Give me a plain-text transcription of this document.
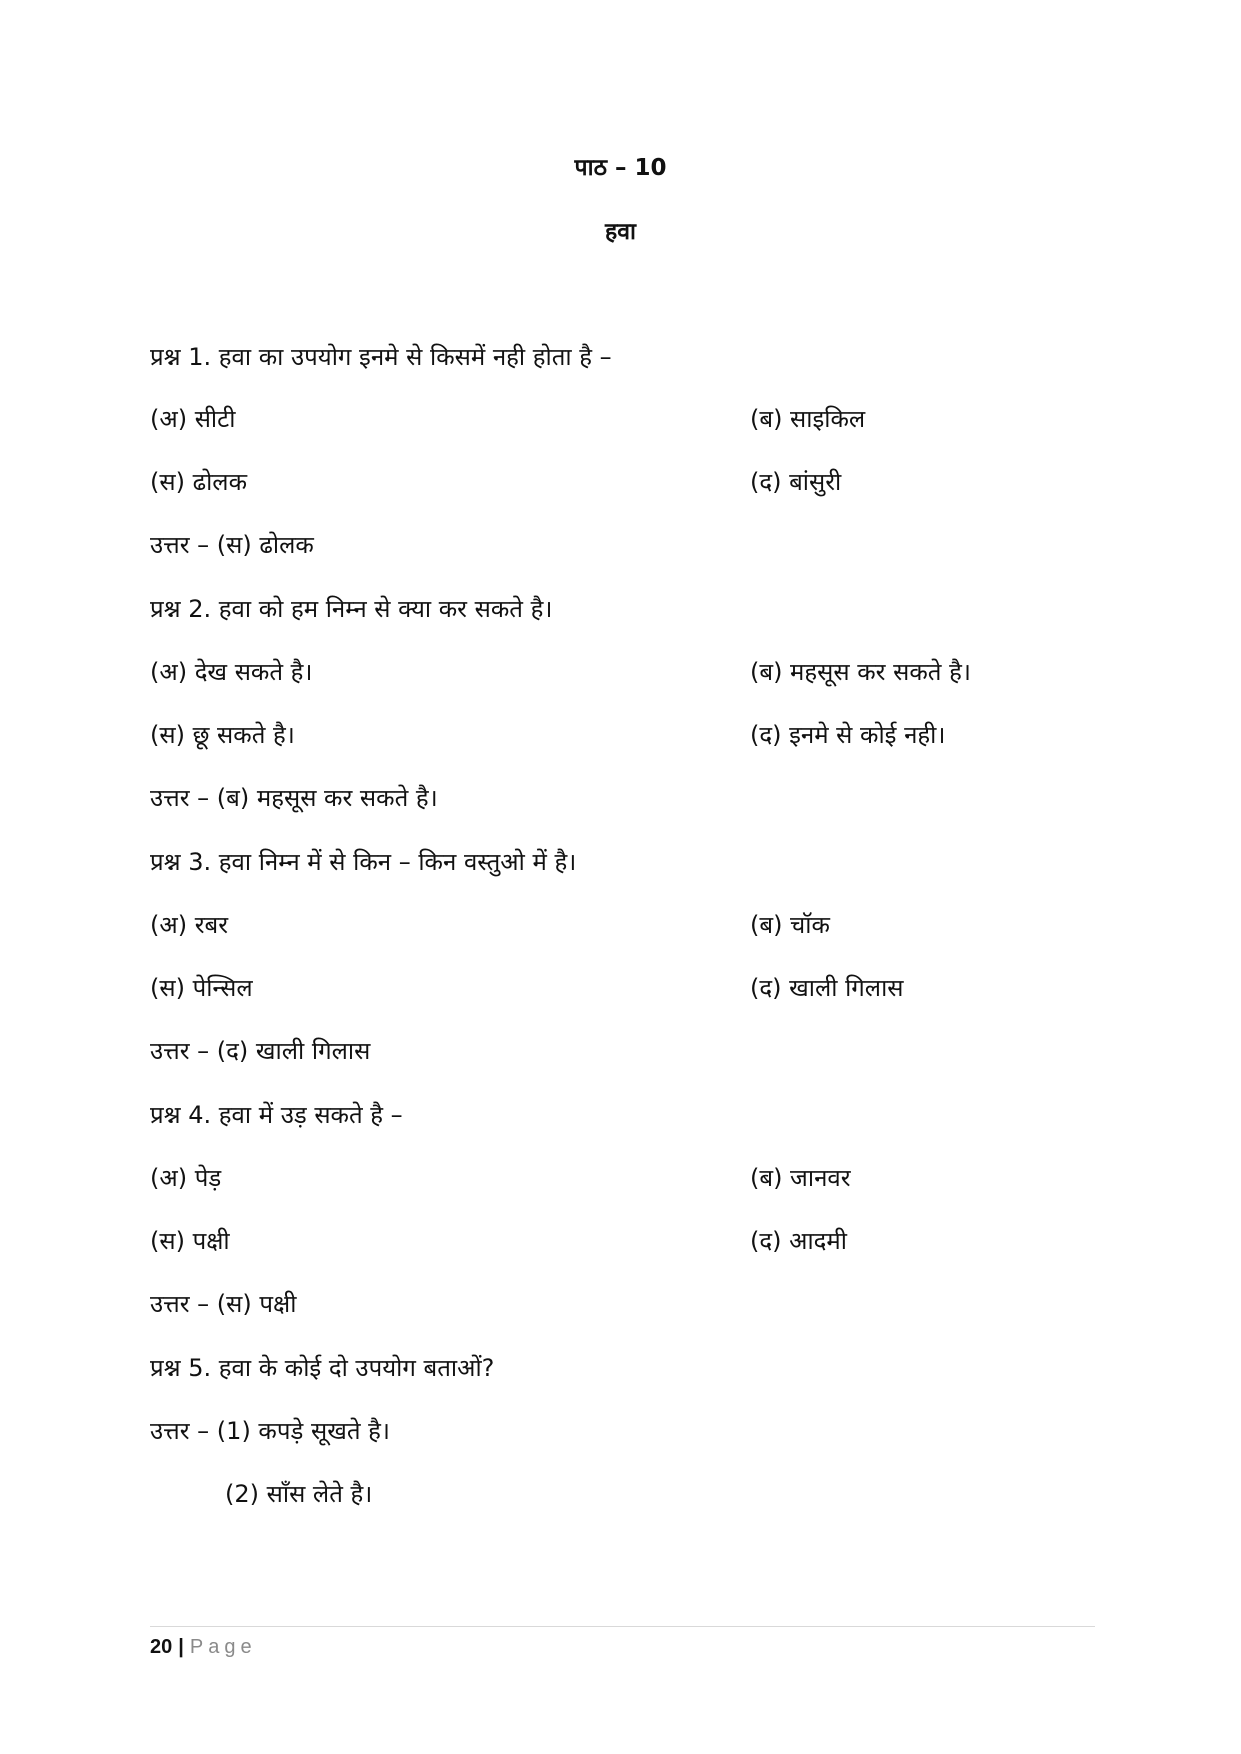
पाठ – 10
हवा
प्रश्न 1. हवा का उपयोग इनमे से किसमें नही होता है –
(अ) सीटी	(ब) साइकिल
(स) ढोलक	(द) बांसुरी
उत्तर – (स) ढोलक
प्रश्न 2. हवा को हम निम्न से क्या कर सकते है।
(अ) देख सकते है।	(ब) महसूस कर सकते है।
(स) छू सकते है।	(द) इनमे से कोई नही।
उत्तर – (ब) महसूस कर सकते है।
प्रश्न 3. हवा निम्न में से किन – किन वस्तुओ में है।
(अ) रबर	(ब) चॉक
(स) पेन्सिल	(द) खाली गिलास
उत्तर – (द) खाली गिलास
प्रश्न 4. हवा में उड़ सकते है –
(अ) पेड़	(ब) जानवर
(स) पक्षी	(द) आदमी
उत्तर – (स) पक्षी
प्रश्न 5. हवा के कोई दो उपयोग बताओं?
उत्तर – (1) कपड़े सूखते है।
(2) साँस लेते है।
20 | Page
